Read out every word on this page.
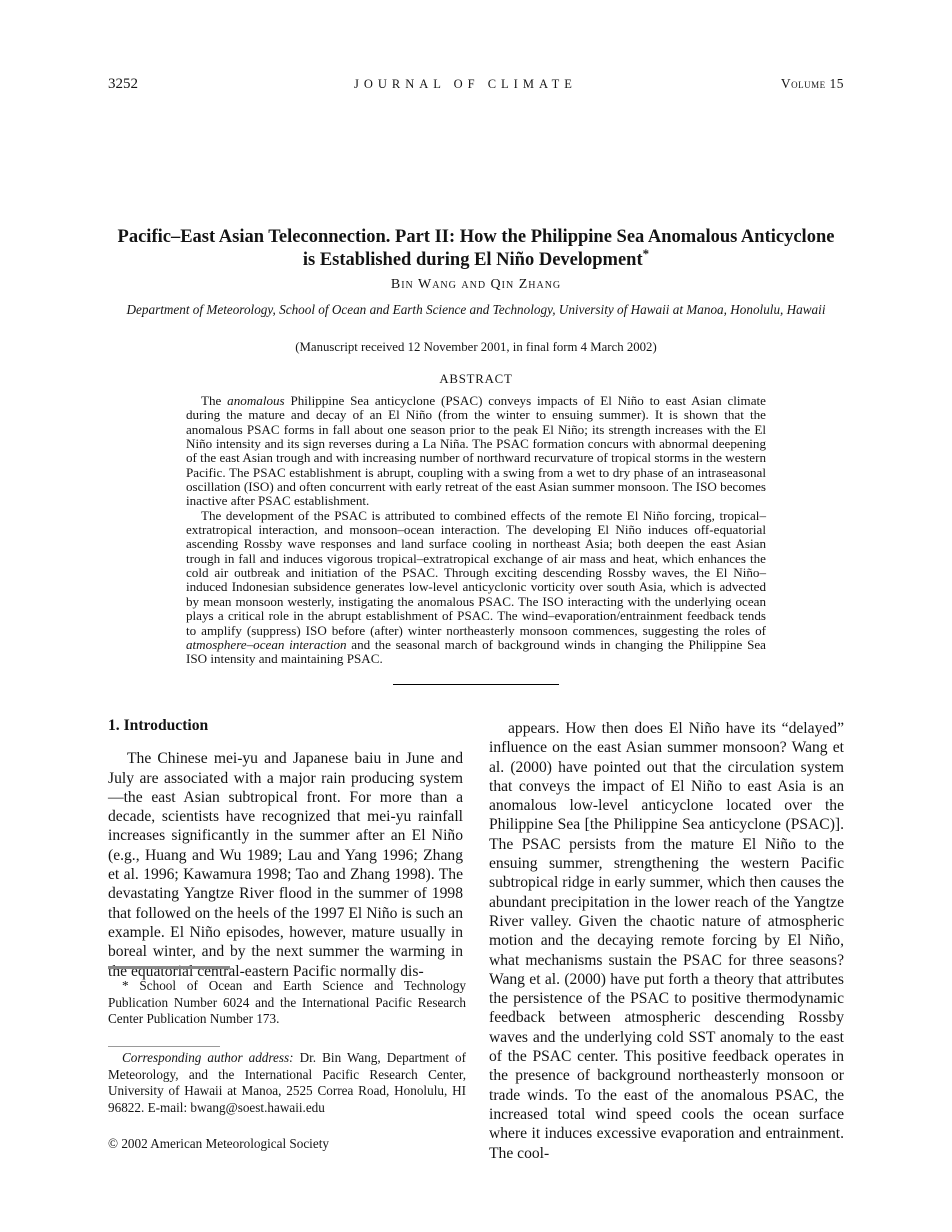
3252	JOURNAL OF CLIMATE	Volume 15
Pacific–East Asian Teleconnection. Part II: How the Philippine Sea Anomalous Anticyclone is Established during El Niño Development*
Bin Wang and Qin Zhang
Department of Meteorology, School of Ocean and Earth Science and Technology, University of Hawaii at Manoa, Honolulu, Hawaii
(Manuscript received 12 November 2001, in final form 4 March 2002)
ABSTRACT

The anomalous Philippine Sea anticyclone (PSAC) conveys impacts of El Niño to east Asian climate during the mature and decay of an El Niño (from the winter to ensuing summer). It is shown that the anomalous PSAC forms in fall about one season prior to the peak El Niño; its strength increases with the El Niño intensity and its sign reverses during a La Niña. The PSAC formation concurs with abnormal deepening of the east Asian trough and with increasing number of northward recurvature of tropical storms in the western Pacific. The PSAC establishment is abrupt, coupling with a swing from a wet to dry phase of an intraseasonal oscillation (ISO) and often concurrent with early retreat of the east Asian summer monsoon. The ISO becomes inactive after PSAC establishment.

The development of the PSAC is attributed to combined effects of the remote El Niño forcing, tropical–extratropical interaction, and monsoon–ocean interaction. The developing El Niño induces off-equatorial ascending Rossby wave responses and land surface cooling in northeast Asia; both deepen the east Asian trough in fall and induces vigorous tropical–extratropical exchange of air mass and heat, which enhances the cold air outbreak and initiation of the PSAC. Through exciting descending Rossby waves, the El Niño–induced Indonesian subsidence generates low-level anticyclonic vorticity over south Asia, which is advected by mean monsoon westerly, instigating the anomalous PSAC. The ISO interacting with the underlying ocean plays a critical role in the abrupt establishment of PSAC. The wind–evaporation/entrainment feedback tends to amplify (suppress) ISO before (after) winter northeasterly monsoon commences, suggesting the roles of atmosphere–ocean interaction and the seasonal march of background winds in changing the Philippine Sea ISO intensity and maintaining PSAC.

1. Introduction

The Chinese mei-yu and Japanese baiu in June and July are associated with a major rain producing system—the east Asian subtropical front. For more than a decade, scientists have recognized that mei-yu rainfall increases significantly in the summer after an El Niño (e.g., Huang and Wu 1989; Lau and Yang 1996; Zhang et al. 1996; Kawamura 1998; Tao and Zhang 1998). The devastating Yangtze River flood in the summer of 1998 that followed on the heels of the 1997 El Niño is such an example. El Niño episodes, however, mature usually in boreal winter, and by the next summer the warming in the equatorial central-eastern Pacific normally dis-

appears. How then does El Niño have its “delayed” influence on the east Asian summer monsoon? Wang et al. (2000) have pointed out that the circulation system that conveys the impact of El Niño to east Asia is an anomalous low-level anticyclone located over the Philippine Sea [the Philippine Sea anticyclone (PSAC)]. The PSAC persists from the mature El Niño to the ensuing summer, strengthening the western Pacific subtropical ridge in early summer, which then causes the abundant precipitation in the lower reach of the Yangtze River valley. Given the chaotic nature of atmospheric motion and the decaying remote forcing by El Niño, what mechanisms sustain the PSAC for three seasons? Wang et al. (2000) have put forth a theory that attributes the persistence of the PSAC to positive thermodynamic feedback between atmospheric descending Rossby waves and the underlying cold SST anomaly to the east of the PSAC center. This positive feedback operates in the presence of background northeasterly monsoon or trade winds. To the east of the anomalous PSAC, the increased total wind speed cools the ocean surface where it induces excessive evaporation and entrainment. The cool-

* School of Ocean and Earth Science and Technology Publication Number 6024 and the International Pacific Research Center Publication Number 173.

Corresponding author address: Dr. Bin Wang, Department of Meteorology, and the International Pacific Research Center, University of Hawaii at Manoa, 2525 Correa Road, Honolulu, HI 96822. E-mail: bwang@soest.hawaii.edu

© 2002 American Meteorological Society
